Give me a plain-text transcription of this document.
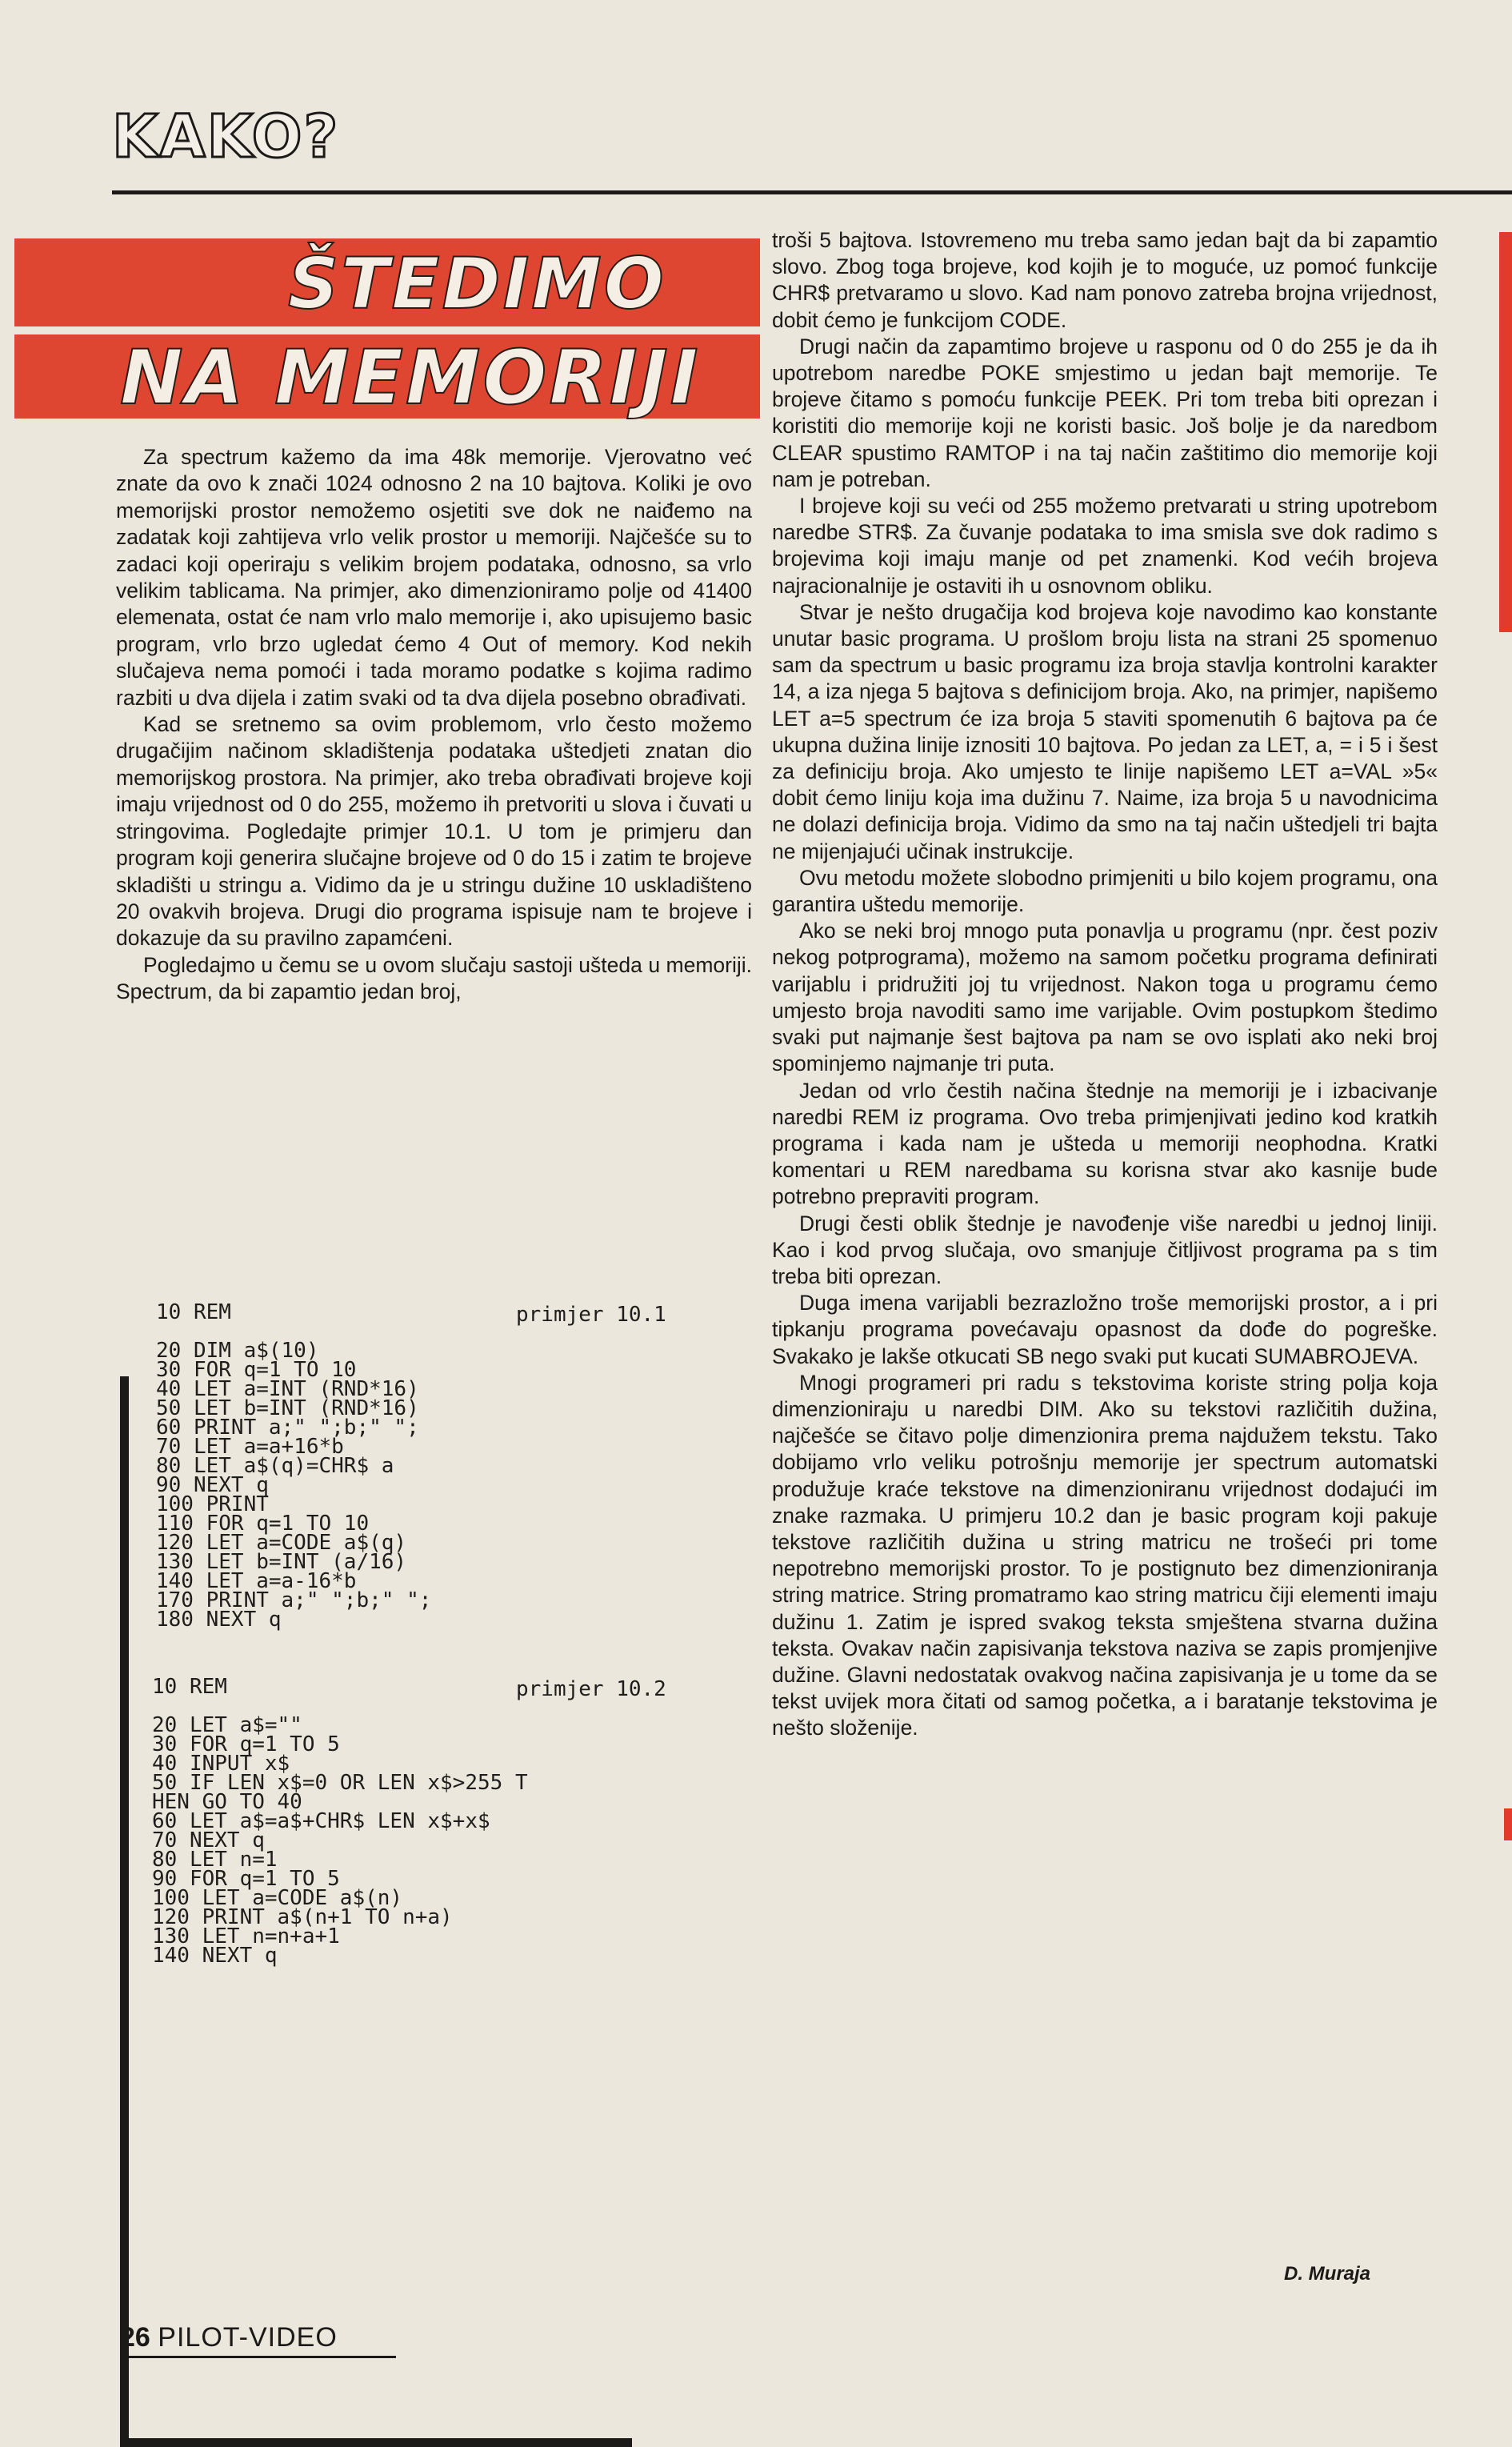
KAKO?
ŠTEDIMO
NA MEMORIJI

Za spectrum kažemo da ima 48k memorije. Vjerovatno već znate da ovo k znači 1024 odnosno 2 na 10 bajtova. Koliki je ovo memorijski prostor nemožemo osjetiti sve dok ne naiđemo na zadatak koji zahtijeva vrlo velik prostor u memoriji. Najčešće su to zadaci koji operiraju s velikim brojem podataka, odnosno, sa vrlo velikim tablicama. Na primjer, ako dimenzioniramo polje od 41400 elemenata, ostat će nam vrlo malo memorije i, ako upisujemo basic program, vrlo brzo ugledat ćemo 4 Out of memory. Kod nekih slučajeva nema pomoći i tada moramo podatke s kojima radimo razbiti u dva dijela i zatim svaki od ta dva dijela posebno obrađivati.

Kad se sretnemo sa ovim problemom, vrlo često možemo drugačijim načinom skladištenja podataka uštedjeti znatan dio memorijskog prostora. Na primjer, ako treba obrađivati brojeve koji imaju vrijednost od 0 do 255, možemo ih pretvoriti u slova i čuvati u stringovima. Pogledajte primjer 10.1. U tom je primjeru dan program koji generira slučajne brojeve od 0 do 15 i zatim te brojeve skladišti u stringu a. Vidimo da je u stringu dužine 10 uskladišteno 20 ovakvih brojeva. Drugi dio programa ispisuje nam te brojeve i dokazuje da su pravilno zapamćeni.

Pogledajmo u čemu se u ovom slučaju sastoji ušteda u memoriji. Spectrum, da bi zapamtio jedan broj,

troši 5 bajtova. Istovremeno mu treba samo jedan bajt da bi zapamtio slovo. Zbog toga brojeve, kod kojih je to moguće, uz pomoć funkcije CHR$ pretvaramo u slovo. Kad nam ponovo zatreba brojna vrijednost, dobit ćemo je funkcijom CODE.

Drugi način da zapamtimo brojeve u rasponu od 0 do 255 je da ih upotrebom naredbe POKE smjestimo u jedan bajt memorije. Te brojeve čitamo s pomoću funkcije PEEK. Pri tom treba biti oprezan i koristiti dio memorije koji ne koristi basic. Još bolje je da naredbom CLEAR spustimo RAMTOP i na taj način zaštitimo dio memorije koji nam je potreban.

I brojeve koji su veći od 255 možemo pretvarati u string upotrebom naredbe STR$. Za čuvanje podataka to ima smisla sve dok radimo s brojevima koji imaju manje od pet znamenki. Kod većih brojeva najracionalnije je ostaviti ih u osnovnom obliku.

Stvar je nešto drugačija kod brojeva koje navodimo kao konstante unutar basic programa. U prošlom broju lista na strani 25 spomenuo sam da spectrum u basic programu iza broja stavlja kontrolni karakter 14, a iza njega 5 bajtova s definicijom broja. Ako, na primjer, napišemo LET a=5 spectrum će iza broja 5 staviti spomenutih 6 bajtova pa će ukupna dužina linije iznositi 10 bajtova. Po jedan za LET, a, = i 5 i šest za definiciju broja. Ako umjesto te linije napišemo LET a=VAL »5« dobit ćemo liniju koja ima dužinu 7. Naime, iza broja 5 u navodnicima ne dolazi definicija broja. Vidimo da smo na taj način uštedjeli tri bajta ne mijenjajući učinak instrukcije.

Ovu metodu možete slobodno primjeniti u bilo kojem programu, ona garantira uštedu memorije.

Ako se neki broj mnogo puta ponavlja u programu (npr. čest poziv nekog potprograma), možemo na samom početku programa definirati varijablu i pridružiti joj tu vrijednost. Nakon toga u programu ćemo umjesto broja navoditi samo ime varijable. Ovim postupkom štedimo svaki put najmanje šest bajtova pa nam se ovo isplati ako neki broj spominjemo najmanje tri puta.

Jedan od vrlo čestih načina štednje na memoriji je i izbacivanje naredbi REM iz programa. Ovo treba primjenjivati jedino kod kratkih programa i kada nam je ušteda u memoriji neophodna. Kratki komentari u REM naredbama su korisna stvar ako kasnije bude potrebno prepraviti program.

Drugi česti oblik štednje je navođenje više naredbi u jednoj liniji. Kao i kod prvog slučaja, ovo smanjuje čitljivost programa pa s tim treba biti oprezan.

Duga imena varijabli bezrazložno troše memorijski prostor, a i pri tipkanju programa povećavaju opasnost da dođe do pogreške. Svakako je lakše otkucati SB nego svaki put kucati SUMABROJEVA.

Mnogi programeri pri radu s tekstovima koriste string polja koja dimenzioniraju u naredbi DIM. Ako su tekstovi različitih dužina, najčešće se čitavo polje dimenzionira prema najdužem tekstu. Tako dobijamo vrlo veliku potrošnju memorije jer spectrum automatski produžuje kraće tekstove na dimenzioniranu vrijednost dodajući im znake razmaka. U primjeru 10.2 dan je basic program koji pakuje tekstove različitih dužina u string matricu ne trošeći pri tome nepotrebno memorijski prostor. To je postignuto bez dimenzioniranja string matrice. String promatramo kao string matricu čiji elementi imaju dužinu 1. Zatim je ispred svakog teksta smještena stvarna dužina teksta. Ovakav način zapisivanja tekstova naziva se zapis promjenjive dužine. Glavni nedostatak ovakvog načina zapisivanja je u tome da se tekst uvijek mora čitati od samog početka, a i baratanje tekstovima je nešto složenije.

primjer 10.1
10 REM

20 DIM a$(10)
30 FOR q=1 TO 10
40 LET a=INT (RND*16)
50 LET b=INT (RND*16)
60 PRINT a;" ";b;" ";
70 LET a=a+16*b
80 LET a$(q)=CHR$ a
90 NEXT q
100 PRINT
110 FOR q=1 TO 10
120 LET a=CODE a$(q)
130 LET b=INT (a/16)
140 LET a=a-16*b
170 PRINT a;" ";b;" ";
180 NEXT q
primjer 10.2
10 REM

20 LET a$=""
30 FOR q=1 TO 5
40 INPUT x$
50 IF LEN x$=0 OR LEN x$>255 T
HEN GO TO 40
60 LET a$=a$+CHR$ LEN x$+x$
70 NEXT q
80 LET n=1
90 FOR q=1 TO 5
100 LET a=CODE a$(n)
120 PRINT a$(n+1 TO n+a)
130 LET n=n+a+1
140 NEXT q
D. Muraja
26 PILOT-VIDEO
